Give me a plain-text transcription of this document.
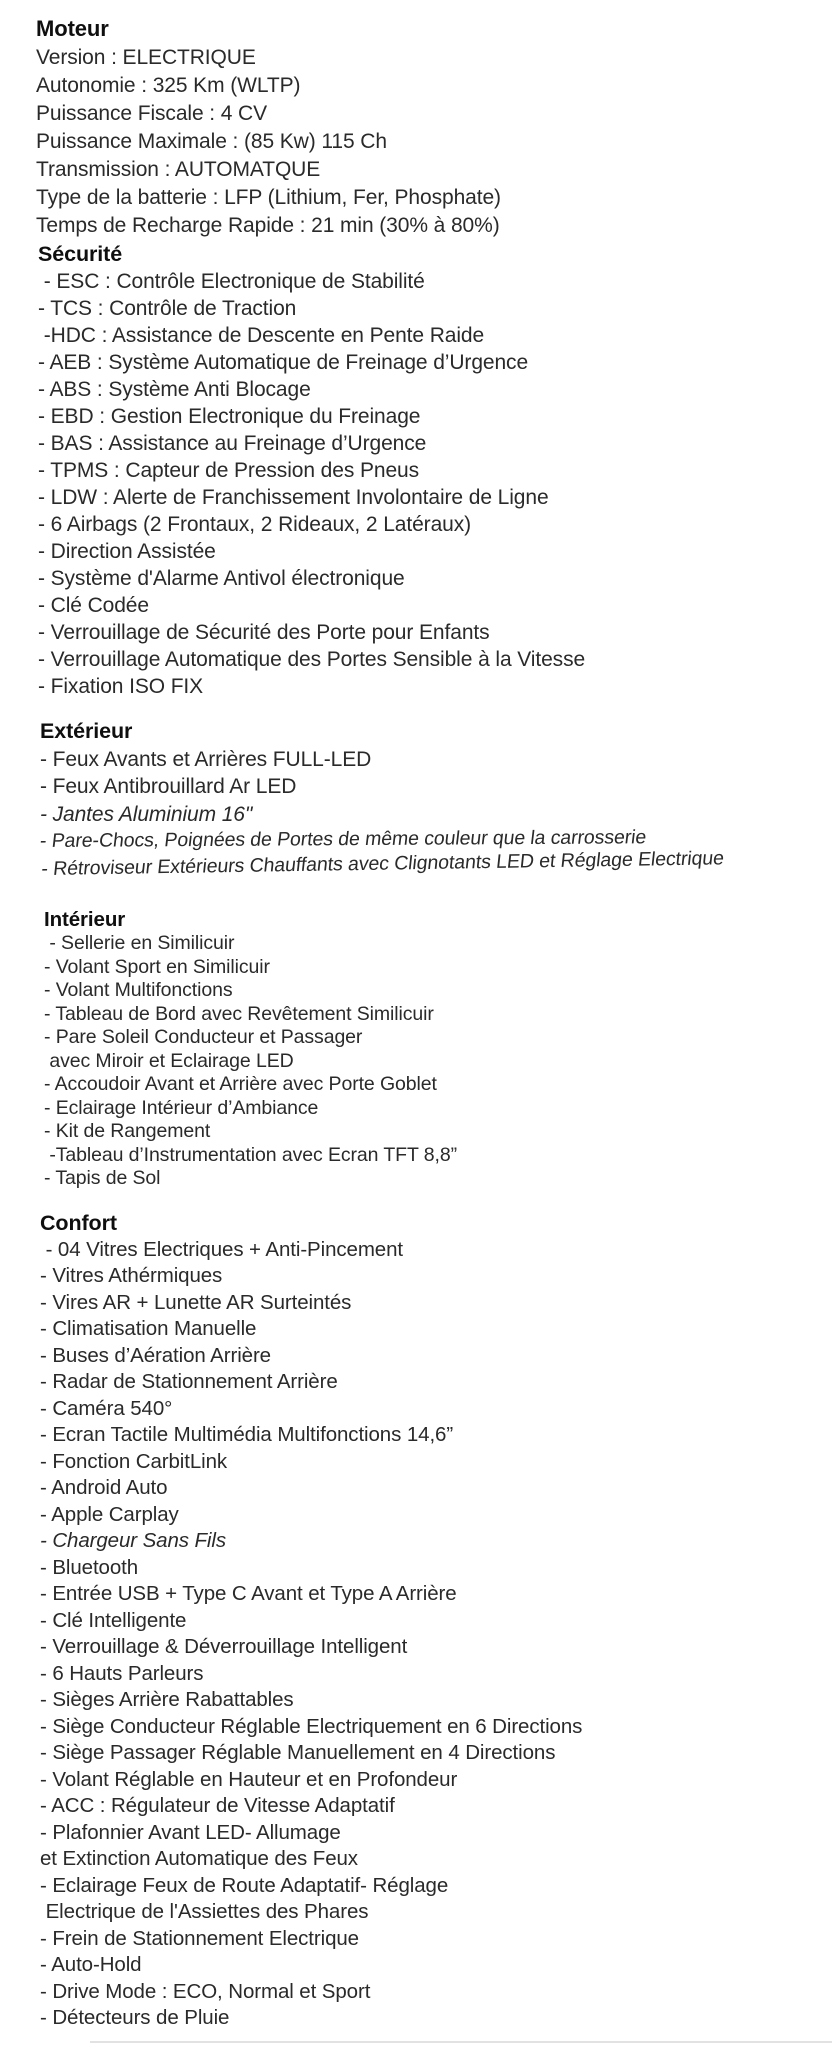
Moteur
Version : ELECTRIQUE
Autonomie : 325 Km (WLTP)
Puissance Fiscale : 4 CV
Puissance Maximale : (85 Kw) 115 Ch
Transmission : AUTOMATQUE
Type de la batterie : LFP (Lithium, Fer, Phosphate)
Temps de Recharge Rapide : 21 min (30% à 80%)
Sécurité
- ESC : Contrôle Electronique de Stabilité
- TCS : Contrôle de Traction
-HDC : Assistance de Descente en Pente Raide
- AEB : Système Automatique de Freinage d’Urgence
- ABS : Système Anti Blocage
- EBD : Gestion Electronique du Freinage
- BAS : Assistance au Freinage d’Urgence
- TPMS : Capteur de Pression des Pneus
- LDW : Alerte de Franchissement Involontaire de Ligne
- 6 Airbags (2 Frontaux, 2 Rideaux, 2 Latéraux)
- Direction Assistée
- Système d'Alarme Antivol électronique
- Clé Codée
- Verrouillage de Sécurité des Porte pour Enfants
- Verrouillage Automatique des Portes Sensible à la Vitesse
- Fixation ISO FIX
Extérieur
- Feux Avants et Arrières FULL-LED
- Feux Antibrouillard Ar LED
- Jantes Aluminium 16"
- Pare-Chocs, Poignées de Portes de même couleur que la carrosserie
- Rétroviseur Extérieurs Chauffants avec Clignotants LED et Réglage Electrique
Intérieur
- Sellerie en Similicuir
- Volant Sport en Similicuir
- Volant Multifonctions
- Tableau de Bord avec Revêtement Similicuir
- Pare Soleil Conducteur et Passager
avec Miroir et Eclairage LED
- Accoudoir Avant et Arrière avec Porte Goblet
- Eclairage Intérieur d’Ambiance
- Kit de Rangement
-Tableau d’Instrumentation avec Ecran TFT 8,8”
- Tapis de Sol
Confort
- 04 Vitres Electriques + Anti-Pincement
- Vitres Athérmiques
- Vires AR + Lunette AR Surteintés
- Climatisation Manuelle
- Buses d’Aération Arrière
- Radar de Stationnement Arrière
- Caméra 540°
- Ecran Tactile Multimédia Multifonctions 14,6”
- Fonction CarbitLink
- Android Auto
- Apple Carplay
- Chargeur Sans Fils
- Bluetooth
- Entrée USB + Type C Avant et Type A Arrière
- Clé Intelligente
- Verrouillage & Déverrouillage Intelligent
- 6 Hauts Parleurs
- Sièges Arrière Rabattables
- Siège Conducteur Réglable Electriquement en 6 Directions
- Siège Passager Réglable Manuellement en 4 Directions
- Volant Réglable en Hauteur et en Profondeur
- ACC : Régulateur de Vitesse Adaptatif
- Plafonnier Avant LED- Allumage
et Extinction Automatique des Feux
- Eclairage Feux de Route Adaptatif- Réglage
Electrique de l'Assiettes des Phares
- Frein de Stationnement Electrique
- Auto-Hold
- Drive Mode : ECO, Normal et Sport
- Détecteurs de Pluie
